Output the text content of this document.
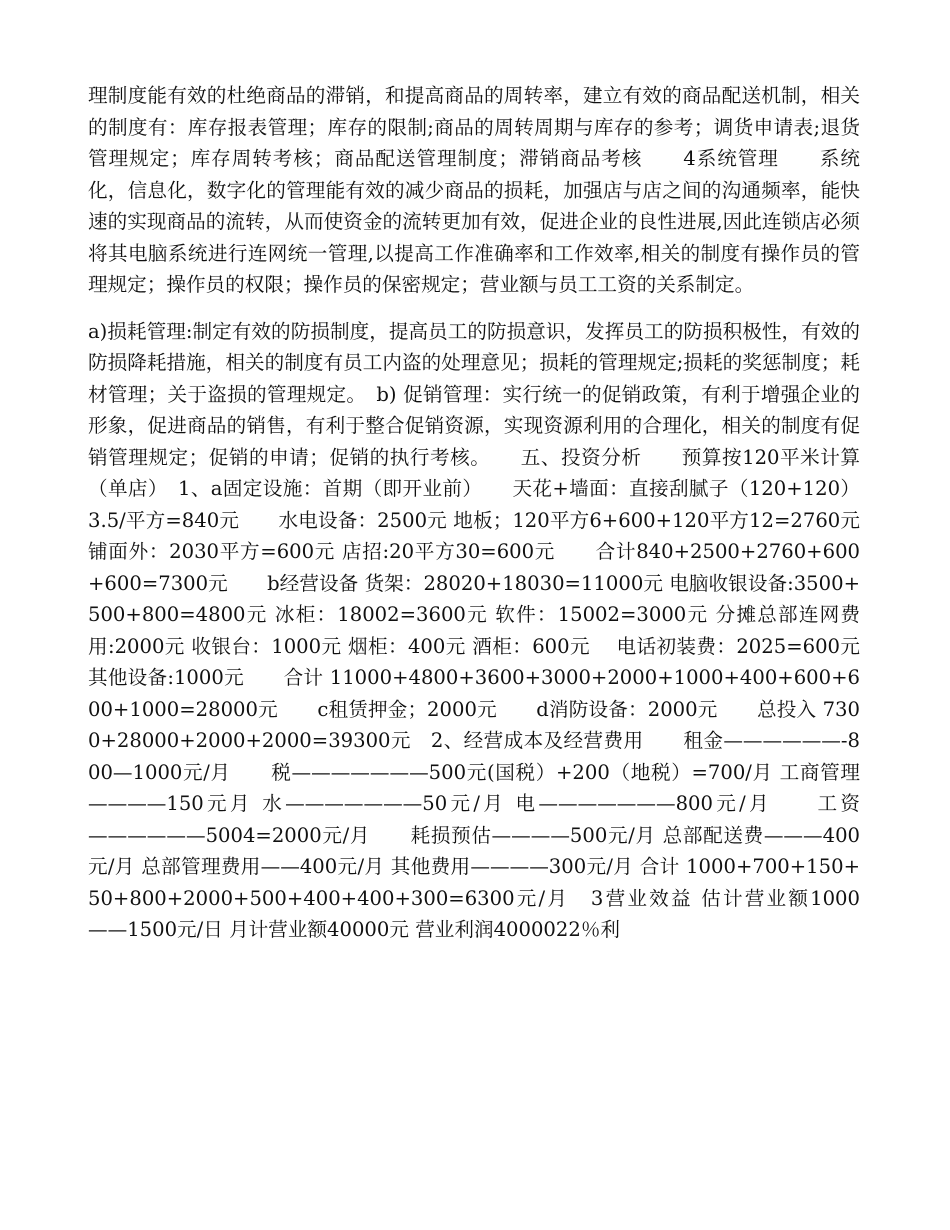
理制度能有效的杜绝商品的滞销，和提高商品的周转率，建立有效的商品配送机制，相关的制度有：库存报表管理；库存的限制;商品的周转周期与库存的参考；调货申请表;退货管理规定；库存周转考核；商品配送管理制度；滞销商品考核　　4系统管理　　系统化，信息化，数字化的管理能有效的减少商品的损耗，加强店与店之间的沟通频率，能快速的实现商品的流转，从而使资金的流转更加有效，促进企业的良性进展,因此连锁店必须将其电脑系统进行连网统一管理,以提高工作准确率和工作效率,相关的制度有操作员的管理规定；操作员的权限；操作员的保密规定；营业额与员工工资的关系制定。

a)损耗管理:制定有效的防损制度，提高员工的防损意识，发挥员工的防损积极性，有效的防损降耗措施，相关的制度有员工内盗的处理意见；损耗的管理规定;损耗的奖惩制度；耗材管理；关于盗损的管理规定。　b) 促销管理：实行统一的促销政策，有利于增强企业的形象，促进商品的销售，有利于整合促销资源，实现资源利用的合理化，相关的制度有促销管理规定；促销的申请；促销的执行考核。　　五、投资分析　　预算按120平米计算（单店）　1、a固定设施：首期（即开业前）　　天花+墙面：直接刮腻子（120+120）3.5/平方=840元　　水电设备：2500元 地板；120平方6+600+120平方12=2760元 铺面外：2030平方=600元 店招:20平方30=600元　　合计840+2500+2760+600+600=7300元　　b经营设备 货架：28020+18030=11000元 电脑收银设备:3500+500+800=4800元 冰柜：18002=3600元 软件：15002=3000元 分摊总部连网费用:2000元 收银台：1000元 烟柜：400元 酒柜：600元　 电话初装费：2025=600元　　其他设备:1000元　　合计 11000+4800+3600+3000+2000+1000+400+600+600+1000=28000元　　c租赁押金；2000元　　d消防设备：2000元　　总投入 7300+28000+2000+2000=39300元　2、经营成本及经营费用　　租金——————-800—1000元/月　　税———————500元(国税）+200（地税）=700/月 工商管理————150元月 水———————50元/月 电———————800元/月　　工资——————5004=2000元/月　　耗损预估————500元/月 总部配送费———400元/月 总部管理费用——400元/月 其他费用————300元/月 合计 1000+700+150+50+800+2000+500+400+400+300=6300元/月　3营业效益 估计营业额1000——1500元/日 月计营业额40000元 营业利润4000022％利
